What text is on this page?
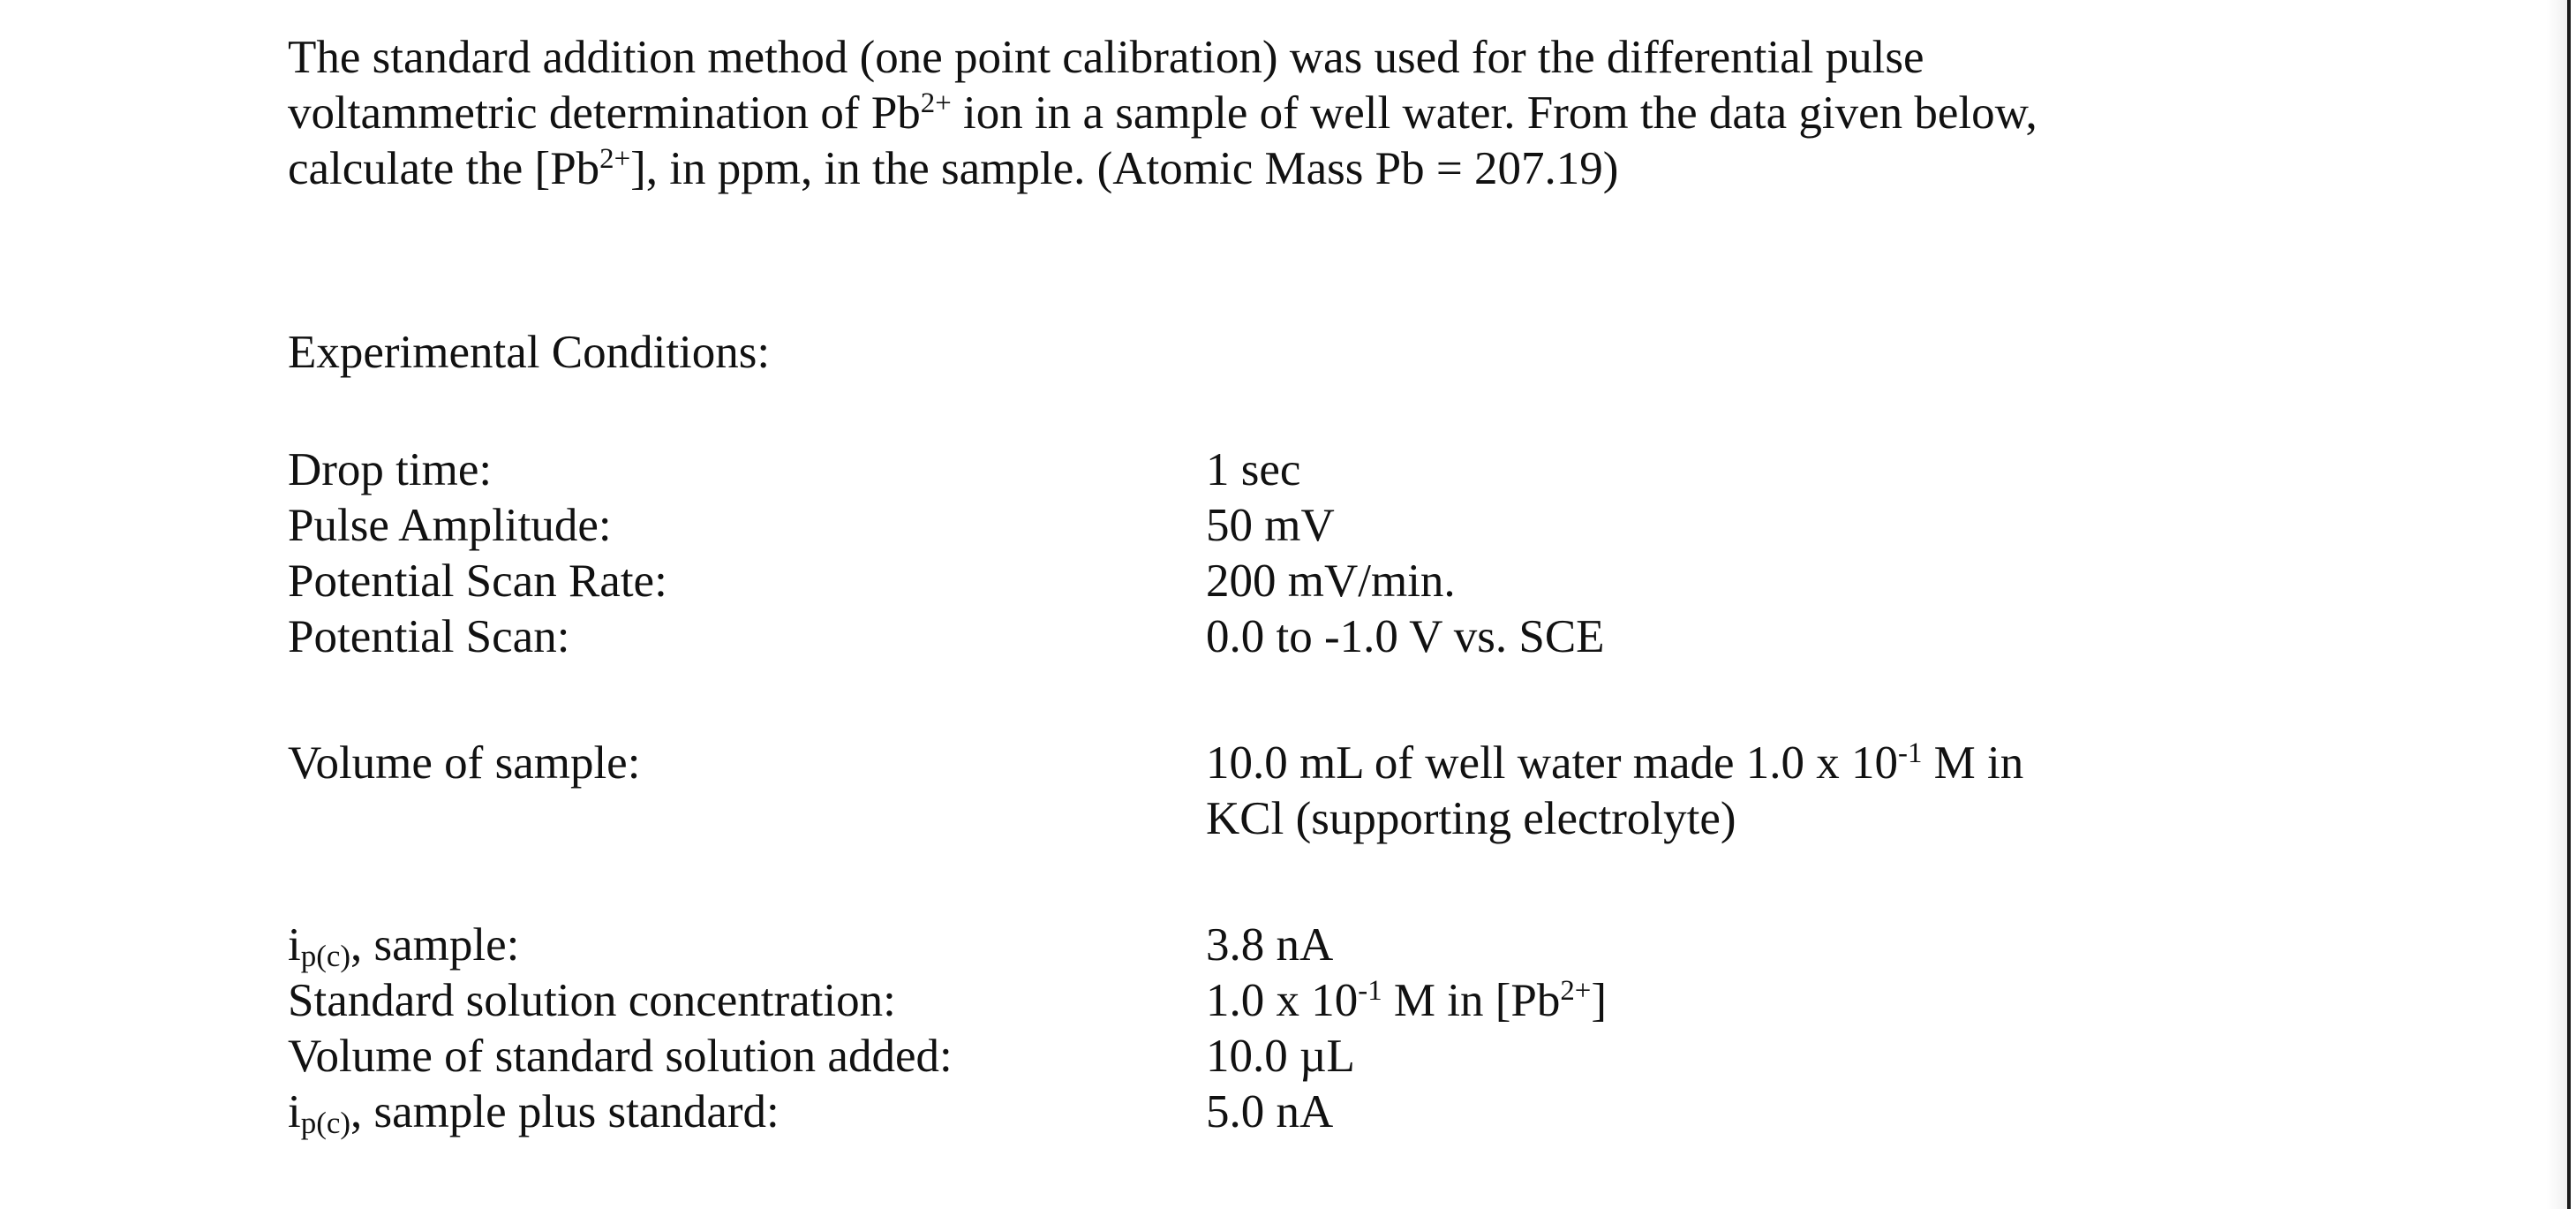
The standard addition method (one point calibration) was used for the differential pulse
voltammetric determination of $Pb^{2+}$ ion in a sample of well water. From the data given below,
calculate the $[Pb^{2+}]$, in ppm, in the sample. (Atomic Mass Pb = 207.19)
Experimental Conditions:
Drop time:	1 sec
Pulse Amplitude:	50 mV
Potential Scan Rate:	200 mV/min.
Potential Scan:	0.0 to -1.0 V vs. SCE
Volume of sample:	10.0 mL of well water made 1.0 x $10^{-1}$ M in
KCl (supporting electrolyte)
$i_{p(c)}$, sample:	3.8 nA
Standard solution concentration:	1.0 x $10^{-1}$ M in $[Pb^{2+}]$
Volume of standard solution added:	10.0 µL
$i_{p(c)}$, sample plus standard:	5.0 nA
